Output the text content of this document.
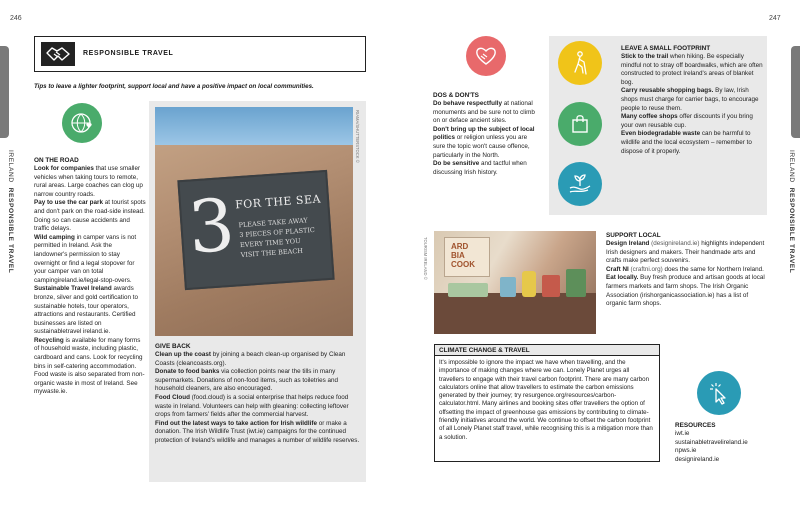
246	247
IRELAND  RESPONSIBLE TRAVEL
IRELAND  RESPONSIBLE TRAVEL
RESPONSIBLE TRAVEL
Tips to leave a lighter footprint, support local and have a positive impact on local communities.
ON THE ROAD

Look for companies that use smaller vehicles when taking tours to remote, rural areas. Large coaches can clog up narrow country roads.

Pay to use the car park at tourist spots and don't park on the road-side instead. Doing so can cause accidents and traffic delays.

Wild camping in camper vans is not permitted in Ireland. Ask the landowner's permission to stay overnight or find a legal stopover for your camper van on total campingireland.ie/legal-stop-overs.

Sustainable Travel Ireland awards bronze, silver and gold certification to sustainable hotels, tour operators, attractions and restaurants. Certified businesses are listed on sustainabletravel ireland.ie.

Recycling is available for many forms of household waste, including plastic, cardboard and cans. Look for recycling bins in self-catering accommodation. Food waste is also separated from non-organic waste in most of Ireland. See mywaste.ie.

3
FOR THE SEA
PLEASE TAKE AWAY
3 PIECES OF PLASTIC
EVERY TIME YOU
VISIT THE BEACH
RIAMA/SHUTTERSTOCK ©
GIVE BACK

Clean up the coast by joining a beach clean-up organised by Clean Coasts (cleancoasts.org).

Donate to food banks via collection points near the tills in many supermarkets. Donations of non-food items, such as toiletries and household cleaners, are also encouraged.

Food Cloud (food.cloud) is a social enterprise that helps reduce food waste in Ireland. Volunteers can help with gleaning: collecting leftover crops from farmers' fields after the commercial harvest.

Find out the latest ways to take action for Irish wildlife or make a donation. The Irish Wildlife Trust (iwt.ie) campaigns for the continued protection of Ireland's wildlife and manages a number of wildlife reserves.

DOS & DON'TS

Do behave respectfully at national monuments and be sure not to climb on or deface ancient sites.

Don't bring up the subject of local politics or religion unless you are sure the topic won't cause offence, particularly in the North.

Do be sensitive and tactful when discussing Irish history.

LEAVE A SMALL FOOTPRINT

Stick to the trail when hiking. Be especially mindful not to stray off boardwalks, which are often constructed to protect Ireland's areas of blanket bog.

Carry reusable shopping bags. By law, Irish shops must charge for carrier bags, to encourage people to reuse them.

Many coffee shops offer discounts if you bring your own reusable cup.

Even biodegradable waste can be harmful to wildlife and the local ecosystem – remember to dispose of it properly.

ARD
BIA
COOK
TOURISM IRELAND ©
SUPPORT LOCAL

Design Ireland (designireland.ie) highlights independent Irish designers and makers. Their handmade arts and crafts make perfect souvenirs.

Craft NI (craftni.org) does the same for Northern Ireland.

Eat locally. Buy fresh produce and artisan goods at local farmers markets and farm shops. The Irish Organic Association (irishorganicassociation.ie) has a list of organic farm shops.

CLIMATE CHANGE & TRAVEL
It's impossible to ignore the impact we have when travelling, and the importance of making changes where we can. Lonely Planet urges all travellers to engage with their travel carbon footprint. There are many carbon calculators online that allow travellers to estimate the carbon emissions generated by their journey; try resurgence.org/resources/carbon-calculator.html. Many airlines and booking sites offer travellers the option of offsetting the impact of greenhouse gas emissions by contributing to climate-friendly initiatives around the world. We continue to offset the carbon footprint of all Lonely Planet staff travel, while recognising this is a mitigation more than a solution.
RESOURCES
iwt.ie
sustainabletravelireland.ie
npws.ie
designireland.ie
